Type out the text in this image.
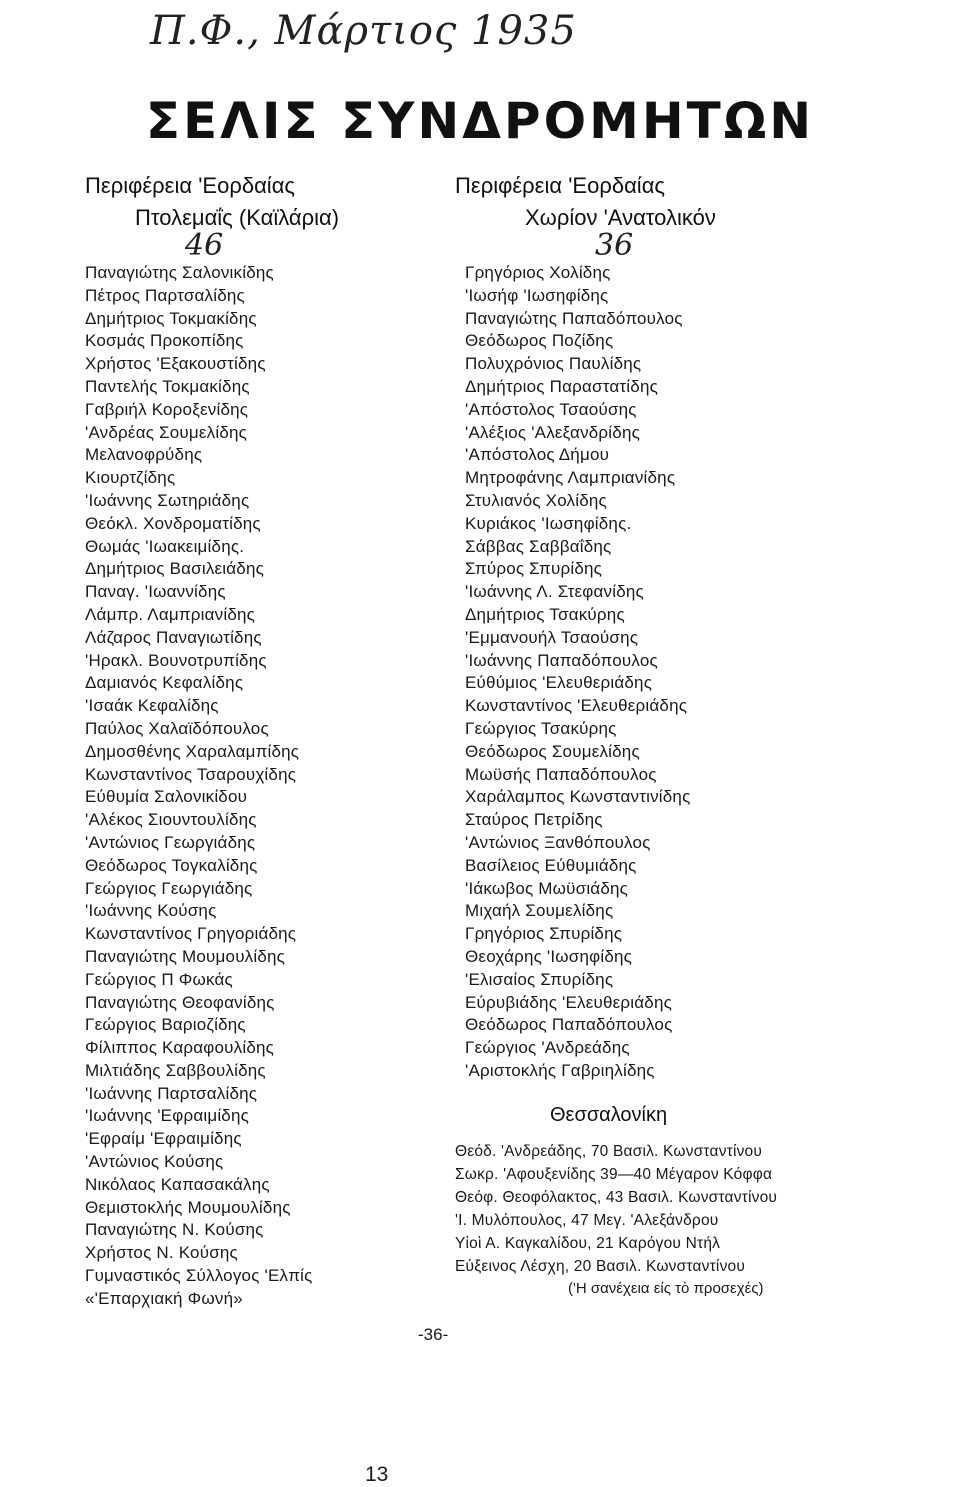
Π.Φ., Μάρτιος 1935
ΣΕΛΙΣ ΣΥΝΔΡΟΜΗΤΩΝ
Περιφέρεια 'Εορδαίας
Πτολεμαΐς (Καϊλάρια)
46
Παναγιώτης Σαλονικίδης
Πέτρος Παρτσαλίδης
Δημήτριος Τοκμακίδης
Κοσμάς Προκοπίδης
Χρήστος 'Εξακουστίδης
Παντελής Τοκμακίδης
Γαβριήλ Κοροξενίδης
'Ανδρέας Σουμελίδης
Μελανοφρύδης
Κιουρτζίδης
'Ιωάννης Σωτηριάδης
Θεόκλ. Χονδροματίδης
Θωμάς 'Ιωακειμίδης.
Δημήτριος Βασιλειάδης
Παναγ. 'Ιωαννίδης
Λάμπρ. Λαμπριανίδης
Λάζαρος Παναγιωτίδης
'Ηρακλ. Βουνοτρυπίδης
Δαμιανός Κεφαλίδης
'Ισαάκ Κεφαλίδης
Παύλος Χαλαϊδόπουλος
Δημοσθένης Χαραλαμπίδης
Κωνσταντίνος Τσαρουχίδης
Εύθυμία Σαλονικίδου
'Αλέκος Σιουντουλίδης
'Αντώνιος Γεωργιάδης
Θεόδωρος Τογκαλίδης
Γεώργιος Γεωργιάδης
'Ιωάννης Κούσης
Κωνσταντίνος Γρηγοριάδης
Παναγιώτης Μουμουλίδης
Γεώργιος Π Φωκάς
Παναγιώτης Θεοφανίδης
Γεώργιος Βαριοζίδης
Φίλιππος Καραφουλίδης
Μιλτιάδης Σαββουλίδης
'Ιωάννης Παρτσαλίδης
'Ιωάννης 'Εφραιμίδης
'Εφραίμ 'Εφραιμίδης
'Αντώνιος Κούσης
Νικόλαος Καπασακάλης
Θεμιστοκλής Μουμουλίδης
Παναγιώτης Ν. Κούσης
Χρήστος Ν. Κούσης
Γυμναστικός Σύλλογος 'Ελπίς
«'Επαρχιακή Φωνή»
Περιφέρεια 'Εορδαίας
Χωρίον 'Ανατολικόν
36
Γρηγόριος Χολίδης
'Ιωσήφ 'Ιωσηφίδης
Παναγιώτης Παπαδόπουλος
Θεόδωρος Ποζίδης
Πολυχρόνιος Παυλίδης
Δημήτριος Παραστατίδης
'Απόστολος Τσαούσης
'Αλέξιος 'Αλεξανδρίδης
'Απόστολος Δήμου
Μητροφάνης Λαμπριανίδης
Στυλιανός Χολίδης
Κυριάκος 'Ιωσηφίδης.
Σάββας Σαββαΐδης
Σπύρος Σπυρίδης
'Ιωάννης Λ. Στεφανίδης
Δημήτριος Τσακύρης
'Εμμανουήλ Τσαούσης
'Ιωάννης Παπαδόπουλος
Εύθύμιος 'Ελευθεριάδης
Κωνσταντίνος 'Ελευθεριάδης
Γεώργιος Τσακύρης
Θεόδωρος Σουμελίδης
Μωϋσής Παπαδόπουλος
Χαράλαμπος Κωνσταντινίδης
Σταύρος Πετρίδης
'Αντώνιος Ξανθόπουλος
Βασίλειος Εύθυμιάδης
'Ιάκωβος Μωϋσιάδης
Μιχαήλ Σουμελίδης
Γρηγόριος Σπυρίδης
Θεοχάρης 'Ιωσηφίδης
'Ελισαίος Σπυρίδης
Εύρυβιάδης 'Ελευθεριάδης
Θεόδωρος Παπαδόπουλος
Γεώργιος 'Ανδρεάδης
'Αριστοκλής Γαβριηλίδης
Θεσσαλονίκη
Θεόδ. 'Ανδρεάδης, 70 Βασιλ. Κωνσταντίνου
Σωκρ. 'Αφουξενίδης 39—40 Μέγαρον Κόφφα
Θεόφ. Θεοφόλακτος, 43 Βασιλ. Κωνσταντίνου
'Ι. Μυλόπουλος, 47 Μεγ. 'Αλεξάνδρου
Υἱοὶ Α. Καγκαλίδου, 21 Καρόγου Ντήλ
Εύξεινος Λέσχη, 20 Βασιλ. Κωνσταντίνου
('Η σανέχεια είς τὸ προσεχές)
-36-
13
